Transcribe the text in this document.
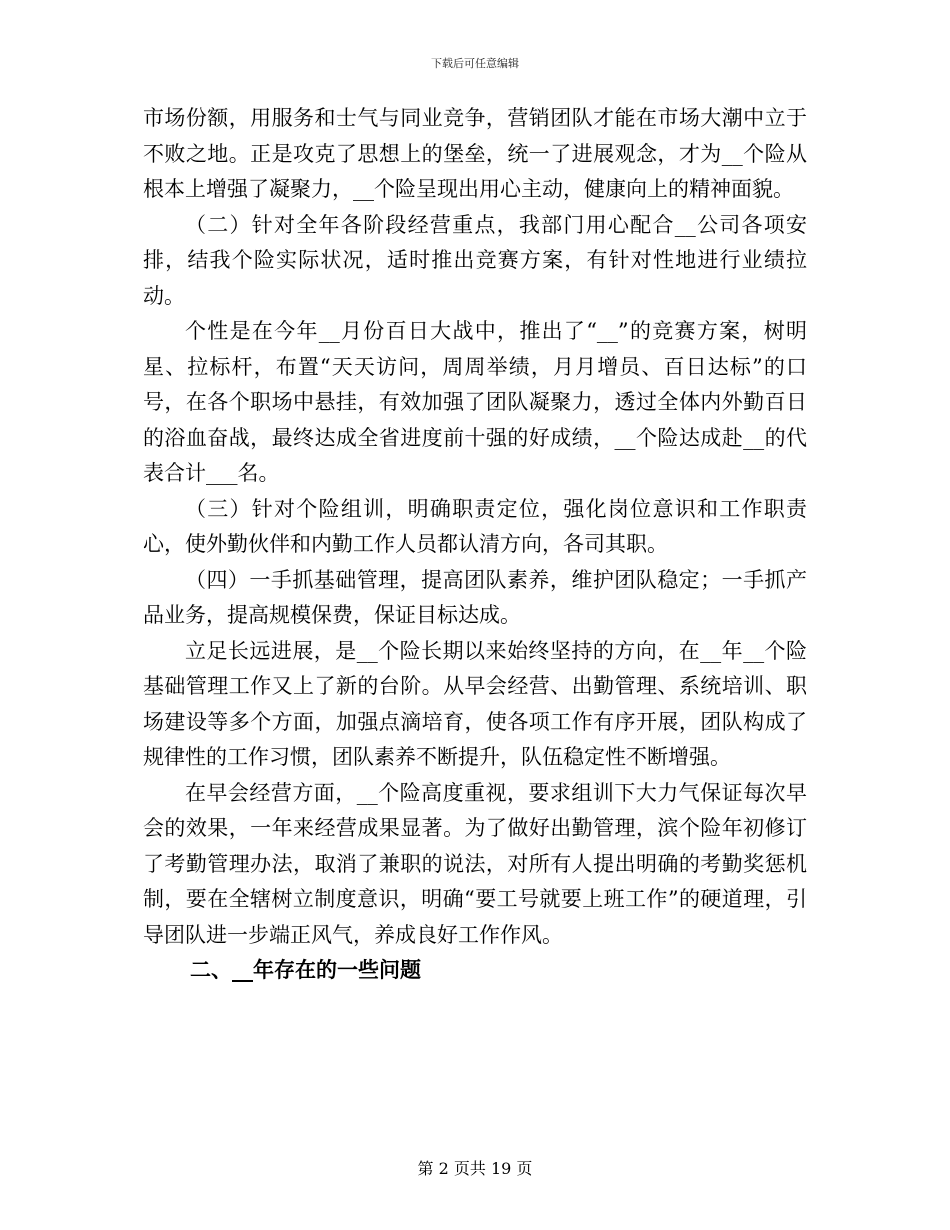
下载后可任意编辑

市场份额，用服务和士气与同业竞争，营销团队才能在市场大潮中立于不败之地。正是攻克了思想上的堡垒，统一了进展观念，才为__个险从根本上增强了凝聚力，__个险呈现出用心主动，健康向上的精神面貌。

（二）针对全年各阶段经营重点，我部门用心配合__公司各项安排，结我个险实际状况，适时推出竞赛方案，有针对性地进行业绩拉动。

个性是在今年__月份百日大战中，推出了“__”的竞赛方案，树明星、拉标杆，布置“天天访问，周周举绩，月月增员、百日达标”的口号，在各个职场中悬挂，有效加强了团队凝聚力，透过全体内外勤百日的浴血奋战，最终达成全省进度前十强的好成绩，__个险达成赴__的代表合计___名。

（三）针对个险组训，明确职责定位，强化岗位意识和工作职责心，使外勤伙伴和内勤工作人员都认清方向，各司其职。

（四）一手抓基础管理，提高团队素养，维护团队稳定；一手抓产品业务，提高规模保费，保证目标达成。

立足长远进展，是__个险长期以来始终坚持的方向，在__年__个险基础管理工作又上了新的台阶。从早会经营、出勤管理、系统培训、职场建设等多个方面，加强点滴培育，使各项工作有序开展，团队构成了规律性的工作习惯，团队素养不断提升，队伍稳定性不断增强。

在早会经营方面，__个险高度重视，要求组训下大力气保证每次早会的效果，一年来经营成果显著。为了做好出勤管理，滨个险年初修订了考勤管理办法，取消了兼职的说法，对所有人提出明确的考勤奖惩机制，要在全辖树立制度意识，明确“要工号就要上班工作”的硬道理，引导团队进一步端正风气，养成良好工作作风。

二、__年存在的一些问题

第 2 页共 19 页
